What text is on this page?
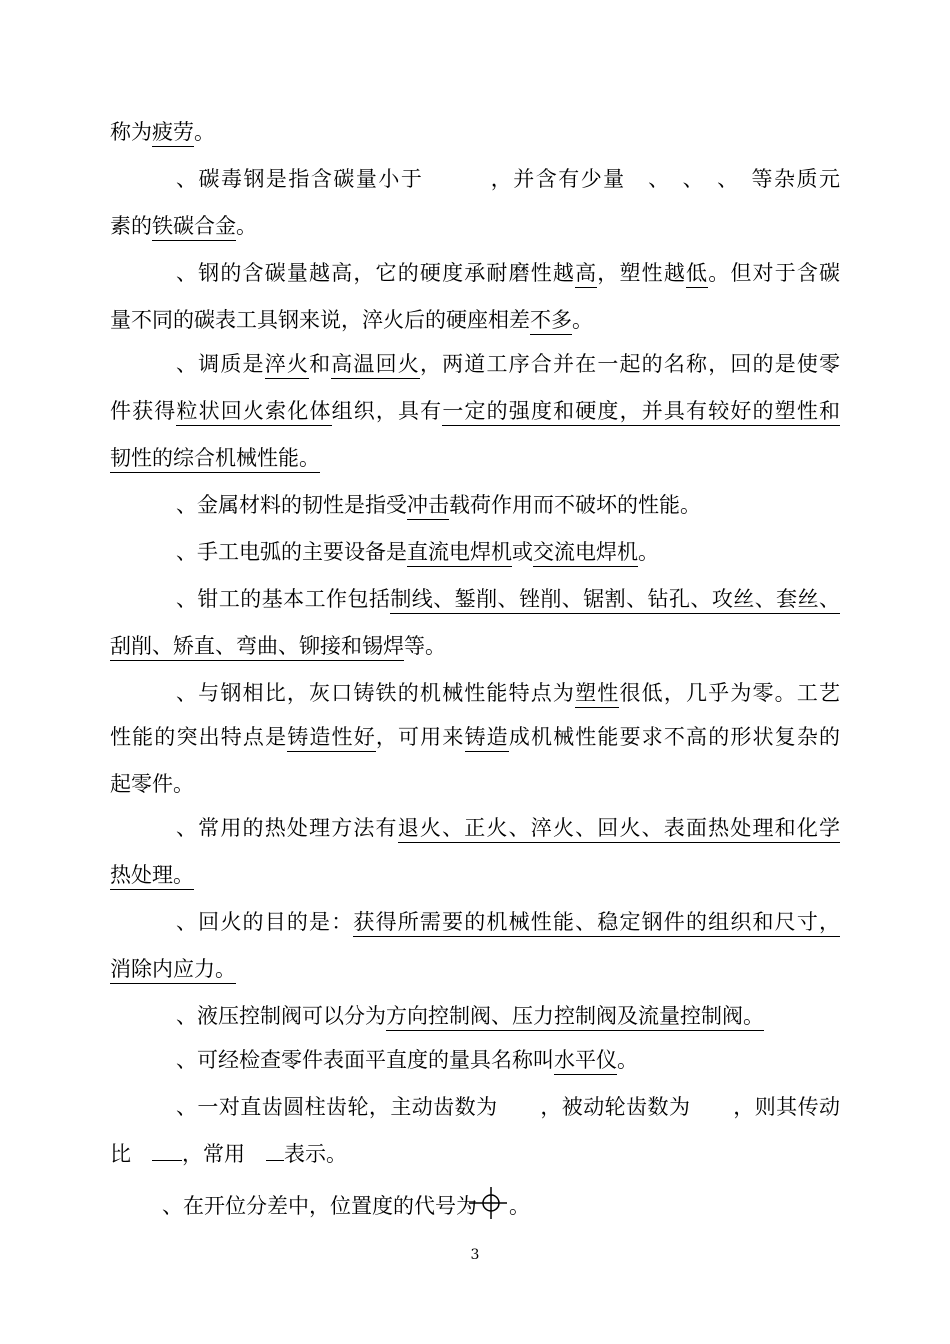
称为疲劳。
、碳毒钢是指含碳量小于　　　，并含有少量　、　、　、　等杂质元
素的铁碳合金。
、钢的含碳量越高，它的硬度承耐磨性越高，塑性越低。但对于含碳
量不同的碳表工具钢来说，淬火后的硬座相差不多。
、调质是淬火和高温回火，两道工序合并在一起的名称，回的是使零
件获得粒状回火索化体组织，具有一定的强度和硬度，并具有较好的塑性和
韧性的综合机械性能。
、金属材料的韧性是指受冲击载荷作用而不破坏的性能。
、手工电弧的主要设备是直流电焊机或交流电焊机。
、钳工的基本工作包括制线、錾削、锉削、锯割、钻孔、攻丝、套丝、
刮削、矫直、弯曲、铆接和锡焊等。
、与钢相比，灰口铸铁的机械性能特点为塑性很低，几乎为零。工艺
性能的突出特点是铸造性好，可用来铸造成机械性能要求不高的形状复杂的
起零件。
、常用的热处理方法有退火、正火、淬火、回火、表面热处理和化学
热处理。
、回火的目的是：获得所需要的机械性能、稳定钢件的组织和尺寸，
消除内应力。
、液压控制阀可以分为方向控制阀、压力控制阀及流量控制阀。
、可经检查零件表面平直度的量具名称叫水平仪。
、一对直齿圆柱齿轮，主动齿数为　　，被动轮齿数为　　，则其传动
比　，常用　表示。
、在开位分差中，位置度的代号为 。
3
